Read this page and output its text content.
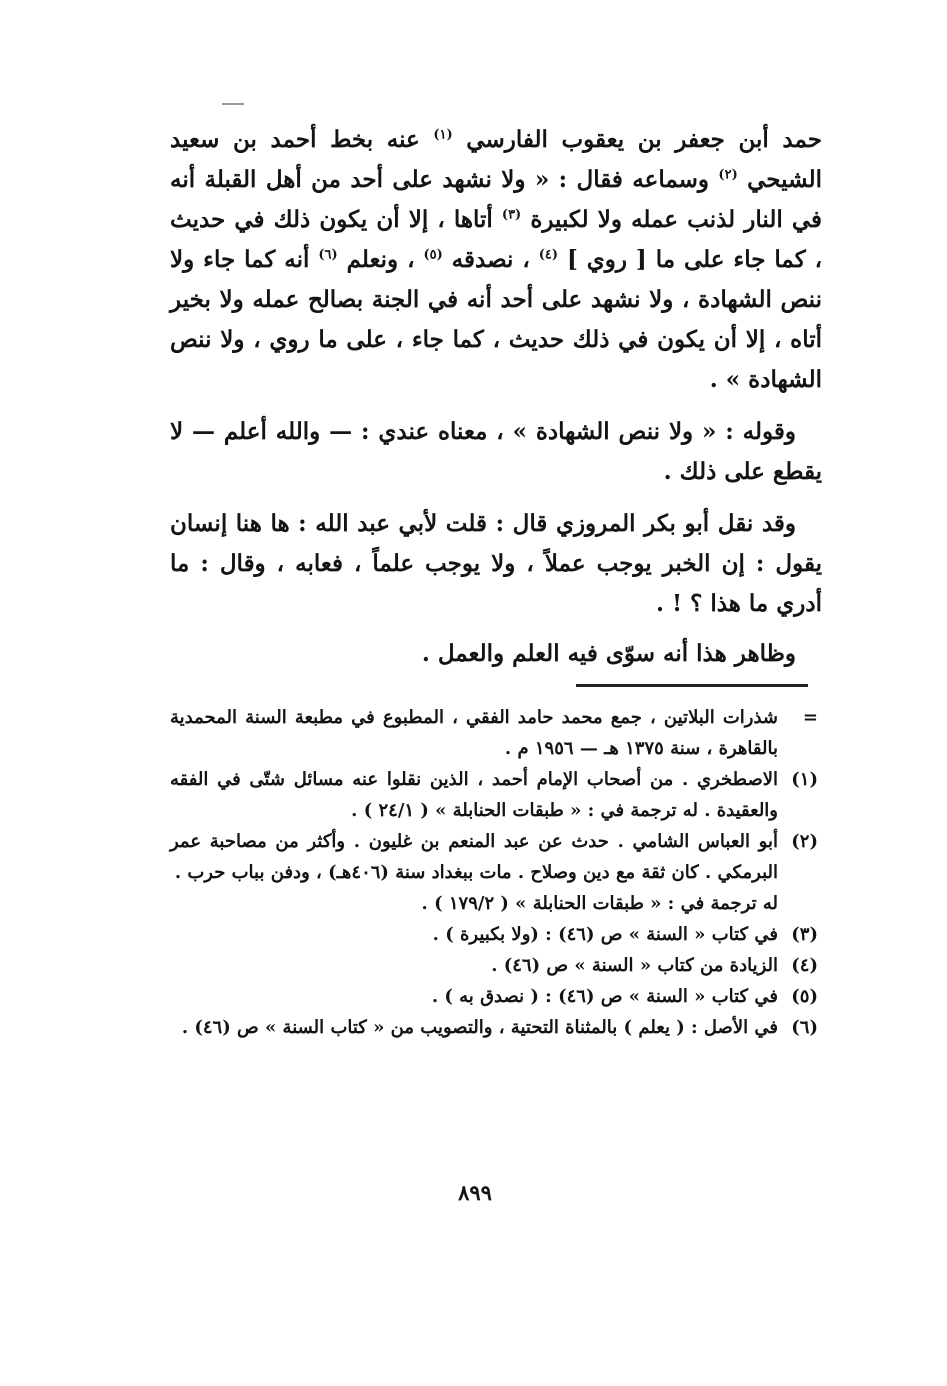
حمد أبن جعفر بن يعقوب الفارسي $^{(١)}$ عنه بخط أحمد بن سعيد الشيحي $^{(٢)}$ وسماعه فقال : « ولا نشهد على أحد من أهل القبلة أنه في النار لذنب عمله ولا لكبيرة $^{(٣)}$ أتاها ، إلا أن يكون ذلك في حديث ، كما جاء على ما [ روي ] $^{(٤)}$ ، نصدقه $^{(٥)}$ ، ونعلم $^{(٦)}$ أنه كما جاء ولا ننص الشهادة ، ولا نشهد على أحد أنه في الجنة بصالح عمله ولا بخير أتاه ، إلا أن يكون في ذلك حديث ، كما جاء ، على ما روي ، ولا ننص الشهادة » .

وقوله : « ولا ننص الشهادة » ، معناه عندي : — والله أعلم — لا يقطع على ذلك .

وقد نقل أبو بكر المروزي قال : قلت لأبي عبد الله : ها هنا إنسان يقول : إن الخبر يوجب عملاً ، ولا يوجب علماً ، فعابه ، وقال : ما أدري ما هذا ؟ ! .

وظاهر هذا أنه سوّى فيه العلم والعمل .

=
شذرات البلاتين ، جمع محمد حامد الفقي ، المطبوع في مطبعة السنة المحمدية بالقاهرة ، سنة ١٣٧٥ هـ — ١٩٥٦ م .
(١)
الاصطخري . من أصحاب الإمام أحمد ، الذين نقلوا عنه مسائل شتّى في الفقه والعقيدة . له ترجمة في : « طبقات الحنابلة » ( ٢٤/١ ) .
(٢)
أبو العباس الشامي . حدث عن عبد المنعم بن غليون . وأكثر من مصاحبة عمر البرمكي . كان ثقة مع دين وصلاح . مات ببغداد سنة (٤٠٦هـ) ، ودفن بباب حرب .
له ترجمة في : « طبقات الحنابلة » ( ١٧٩/٢ ) .
(٣)
في كتاب « السنة » ص (٤٦) : (ولا بكبيرة ) .
(٤)
الزيادة من كتاب « السنة » ص (٤٦) .
(٥)
في كتاب « السنة » ص (٤٦) : ( نصدق به ) .
(٦)
في الأصل : ( يعلم ) بالمثناة التحتية ، والتصويب من « كتاب السنة » ص (٤٦) .
٨٩٩
